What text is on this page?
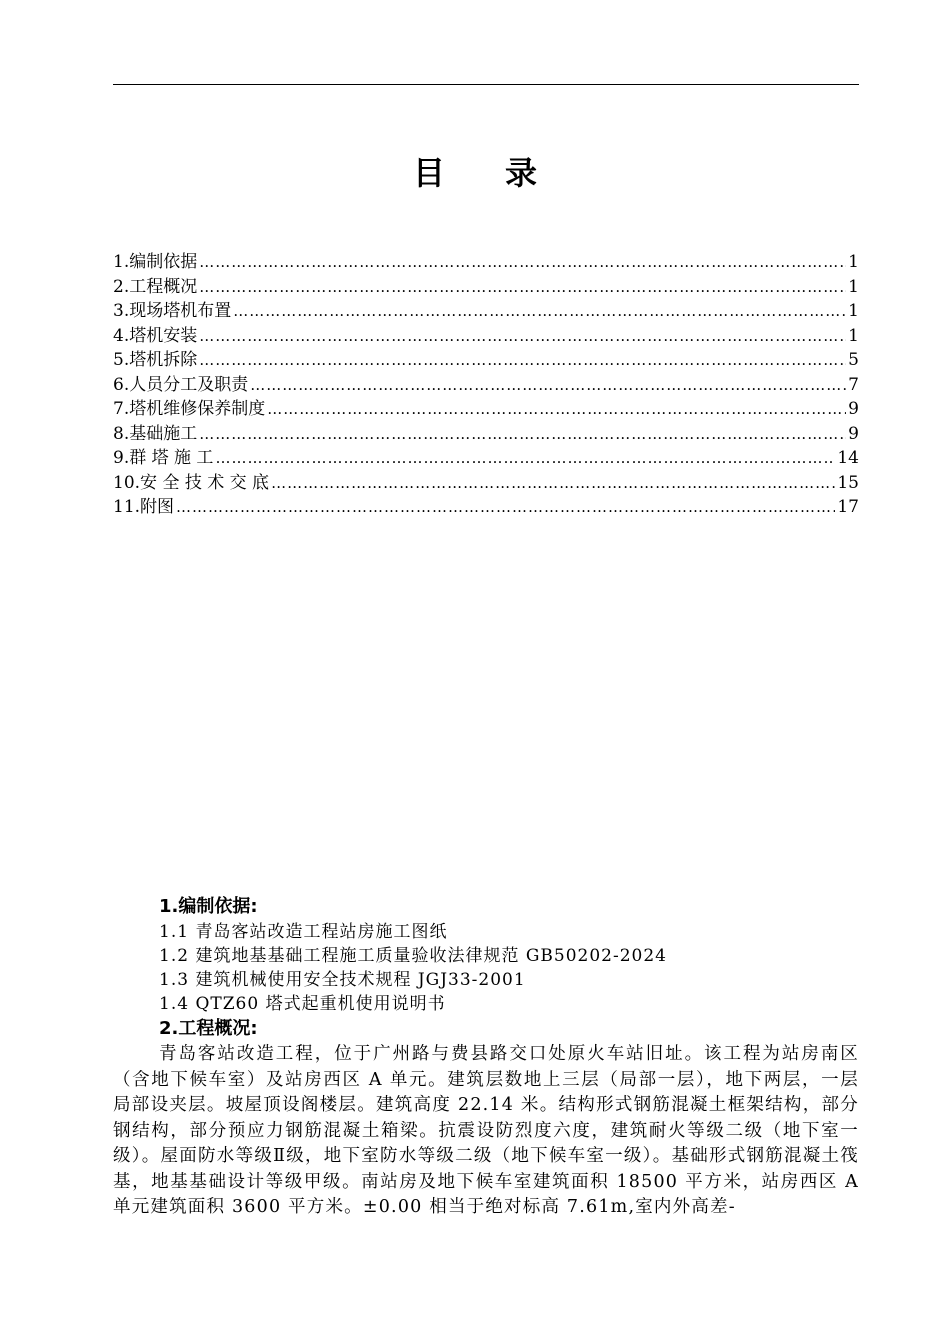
目录
1.编制依据 …………………………………………………………………………………………………………………………………………………………………………………………………………	1
2.工程概况 …………………………………………………………………………………………………………………………………………………………………………………………………………	1
3.现场塔机布置 …………………………………………………………………………………………………………………………………………………………………………………………………………	1
4.塔机安装 …………………………………………………………………………………………………………………………………………………………………………………………………………	1
5.塔机拆除 …………………………………………………………………………………………………………………………………………………………………………………………………………	5
6.人员分工及职责 …………………………………………………………………………………………………………………………………………………………………………………………………………	7
7.塔机维修保养制度 …………………………………………………………………………………………………………………………………………………………………………………………………………	9
8.基础施工 …………………………………………………………………………………………………………………………………………………………………………………………………………	9
9.群 塔 施 工 …………………………………………………………………………………………………………………………………………………………………………………………………………	14
10.安 全 技 术 交 底 …………………………………………………………………………………………………………………………………………………………………………………………………………	15
11.附图 …………………………………………………………………………………………………………………………………………………………………………………………………………	17
1.编制依据:
1.1 青岛客站改造工程站房施工图纸
1.2 建筑地基基础工程施工质量验收法律规范 GB50202-2024
1.3 建筑机械使用安全技术规程 JGJ33-2001
1.4 QTZ60 塔式起重机使用说明书
2.工程概况:

青岛客站改造工程，位于广州路与费县路交口处原火车站旧址。该工程为站房南区（含地下候车室）及站房西区 A 单元。建筑层数地上三层（局部一层），地下两层，一层局部设夹层。坡屋顶设阁楼层。建筑高度 22.14 米。结构形式钢筋混凝土框架结构，部分钢结构，部分预应力钢筋混凝土箱梁。抗震设防烈度六度，建筑耐火等级二级（地下室一级）。屋面防水等级Ⅱ级，地下室防水等级二级（地下候车室一级）。基础形式钢筋混凝土筏基，地基基础设计等级甲级。南站房及地下候车室建筑面积 18500 平方米，站房西区 A 单元建筑面积 3600 平方米。±0.00 相当于绝对标高 7.61m,室内外高差-
